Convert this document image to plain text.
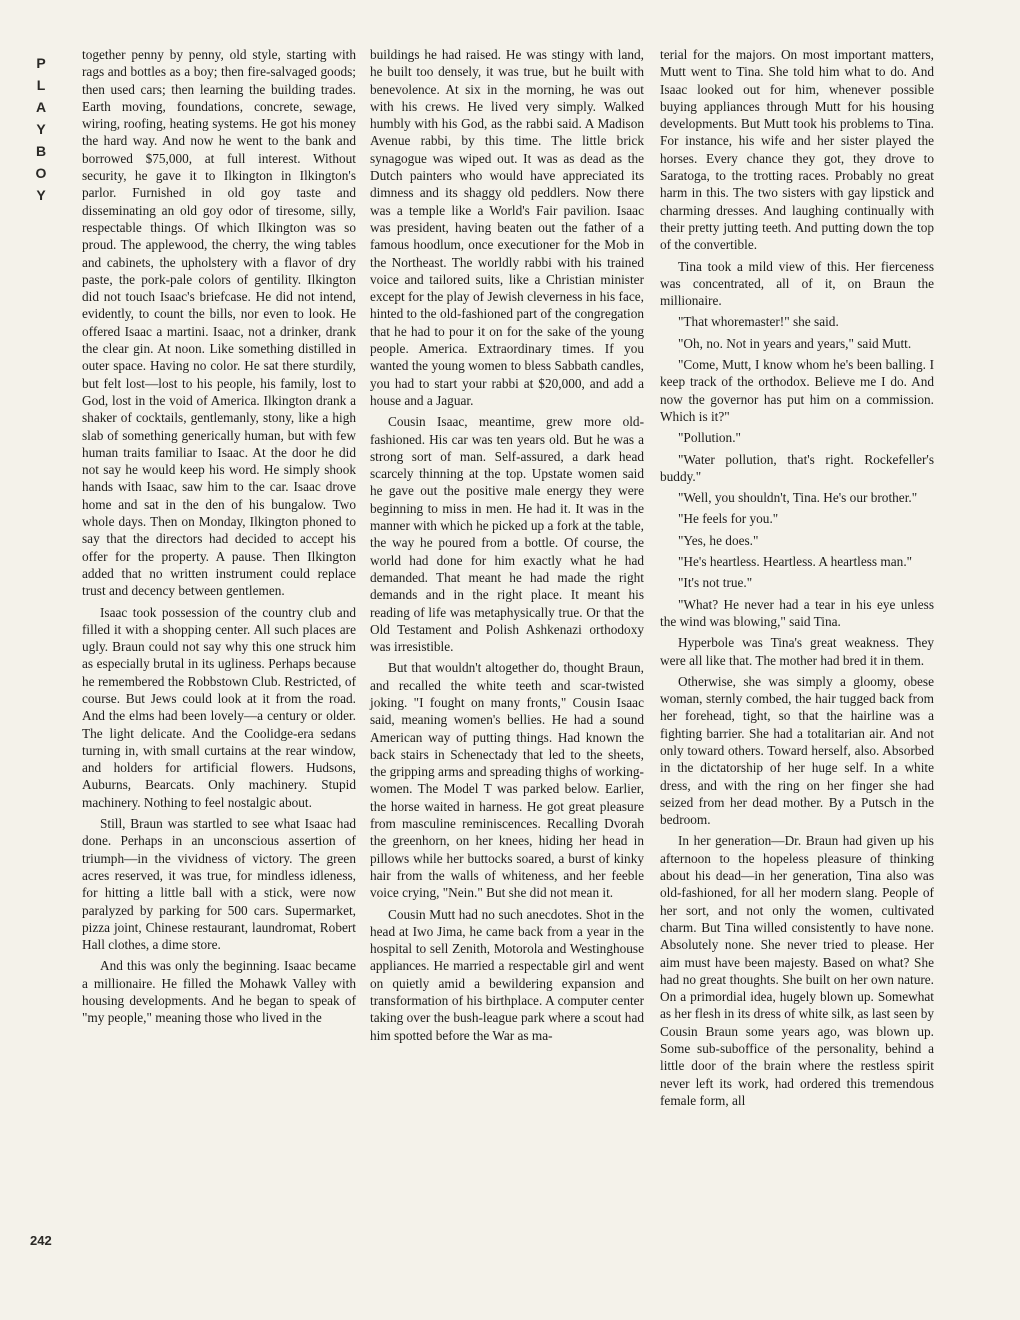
P
L
A
Y
B
O
Y

together penny by penny, old style, starting with rags and bottles as a boy; then fire-salvaged goods; then used cars; then learning the building trades. Earth moving, foundations, concrete, sewage, wiring, roofing, heating systems. He got his money the hard way. And now he went to the bank and borrowed $75,000, at full interest. Without security, he gave it to Ilkington in Ilkington's parlor. Furnished in old goy taste and disseminating an old goy odor of tiresome, silly, respectable things. Of which Ilkington was so proud. The applewood, the cherry, the wing tables and cabinets, the upholstery with a flavor of dry paste, the pork-pale colors of gentility. Ilkington did not touch Isaac's briefcase. He did not intend, evidently, to count the bills, nor even to look. He offered Isaac a martini. Isaac, not a drinker, drank the clear gin. At noon. Like something distilled in outer space. Having no color. He sat there sturdily, but felt lost—lost to his people, his family, lost to God, lost in the void of America. Ilkington drank a shaker of cocktails, gentlemanly, stony, like a high slab of something generically human, but with few human traits familiar to Isaac. At the door he did not say he would keep his word. He simply shook hands with Isaac, saw him to the car. Isaac drove home and sat in the den of his bungalow. Two whole days. Then on Monday, Ilkington phoned to say that the directors had decided to accept his offer for the property. A pause. Then Ilkington added that no written instrument could replace trust and decency between gentlemen.

Isaac took possession of the country club and filled it with a shopping center. All such places are ugly. Braun could not say why this one struck him as especially brutal in its ugliness. Perhaps because he remembered the Robbstown Club. Restricted, of course. But Jews could look at it from the road. And the elms had been lovely—a century or older. The light delicate. And the Coolidge-era sedans turning in, with small curtains at the rear window, and holders for artificial flowers. Hudsons, Auburns, Bearcats. Only machinery. Stupid machinery. Nothing to feel nostalgic about.

Still, Braun was startled to see what Isaac had done. Perhaps in an unconscious assertion of triumph—in the vividness of victory. The green acres reserved, it was true, for mindless idleness, for hitting a little ball with a stick, were now paralyzed by parking for 500 cars. Supermarket, pizza joint, Chinese restaurant, laundromat, Robert Hall clothes, a dime store.

And this was only the beginning. Isaac became a millionaire. He filled the Mohawk Valley with housing developments. And he began to speak of "my people," meaning those who lived in the

buildings he had raised. He was stingy with land, he built too densely, it was true, but he built with benevolence. At six in the morning, he was out with his crews. He lived very simply. Walked humbly with his God, as the rabbi said. A Madison Avenue rabbi, by this time. The little brick synagogue was wiped out. It was as dead as the Dutch painters who would have appreciated its dimness and its shaggy old peddlers. Now there was a temple like a World's Fair pavilion. Isaac was president, having beaten out the father of a famous hoodlum, once executioner for the Mob in the Northeast. The worldly rabbi with his trained voice and tailored suits, like a Christian minister except for the play of Jewish cleverness in his face, hinted to the old-fashioned part of the congregation that he had to pour it on for the sake of the young people. America. Extraordinary times. If you wanted the young women to bless Sabbath candles, you had to start your rabbi at $20,000, and add a house and a Jaguar.

Cousin Isaac, meantime, grew more old-fashioned. His car was ten years old. But he was a strong sort of man. Self-assured, a dark head scarcely thinning at the top. Upstate women said he gave out the positive male energy they were beginning to miss in men. He had it. It was in the manner with which he picked up a fork at the table, the way he poured from a bottle. Of course, the world had done for him exactly what he had demanded. That meant he had made the right demands and in the right place. It meant his reading of life was metaphysically true. Or that the Old Testament and Polish Ashkenazi orthodoxy was irresistible.

But that wouldn't altogether do, thought Braun, and recalled the white teeth and scar-twisted joking. "I fought on many fronts," Cousin Isaac said, meaning women's bellies. He had a sound American way of putting things. Had known the back stairs in Schenectady that led to the sheets, the gripping arms and spreading thighs of working-women. The Model T was parked below. Earlier, the horse waited in harness. He got great pleasure from masculine reminiscences. Recalling Dvorah the greenhorn, on her knees, hiding her head in pillows while her buttocks soared, a burst of kinky hair from the walls of whiteness, and her feeble voice crying, "Nein." But she did not mean it.

Cousin Mutt had no such anecdotes. Shot in the head at Iwo Jima, he came back from a year in the hospital to sell Zenith, Motorola and Westinghouse appliances. He married a respectable girl and went on quietly amid a bewildering expansion and transformation of his birthplace. A computer center taking over the bush-league park where a scout had him spotted before the War as ma-

terial for the majors. On most important matters, Mutt went to Tina. She told him what to do. And Isaac looked out for him, whenever possible buying appliances through Mutt for his housing developments. But Mutt took his problems to Tina. For instance, his wife and her sister played the horses. Every chance they got, they drove to Saratoga, to the trotting races. Probably no great harm in this. The two sisters with gay lipstick and charming dresses. And laughing continually with their pretty jutting teeth. And putting down the top of the convertible.

Tina took a mild view of this. Her fierceness was concentrated, all of it, on Braun the millionaire.

"That whoremaster!" she said.

"Oh, no. Not in years and years," said Mutt.

"Come, Mutt, I know whom he's been balling. I keep track of the orthodox. Believe me I do. And now the governor has put him on a commission. Which is it?"

"Pollution."

"Water pollution, that's right. Rockefeller's buddy."

"Well, you shouldn't, Tina. He's our brother."

"He feels for you."

"Yes, he does."

"He's heartless. Heartless. A heartless man."

"It's not true."

"What? He never had a tear in his eye unless the wind was blowing," said Tina.

Hyperbole was Tina's great weakness. They were all like that. The mother had bred it in them.

Otherwise, she was simply a gloomy, obese woman, sternly combed, the hair tugged back from her forehead, tight, so that the hairline was a fighting barrier. She had a totalitarian air. And not only toward others. Toward herself, also. Absorbed in the dictatorship of her huge self. In a white dress, and with the ring on her finger she had seized from her dead mother. By a Putsch in the bedroom.

In her generation—Dr. Braun had given up his afternoon to the hopeless pleasure of thinking about his dead—in her generation, Tina also was old-fashioned, for all her modern slang. People of her sort, and not only the women, cultivated charm. But Tina willed consistently to have none. Absolutely none. She never tried to please. Her aim must have been majesty. Based on what? She had no great thoughts. She built on her own nature. On a primordial idea, hugely blown up. Somewhat as her flesh in its dress of white silk, as last seen by Cousin Braun some years ago, was blown up. Some sub-suboffice of the personality, behind a little door of the brain where the restless spirit never left its work, had ordered this tremendous female form, all

242
